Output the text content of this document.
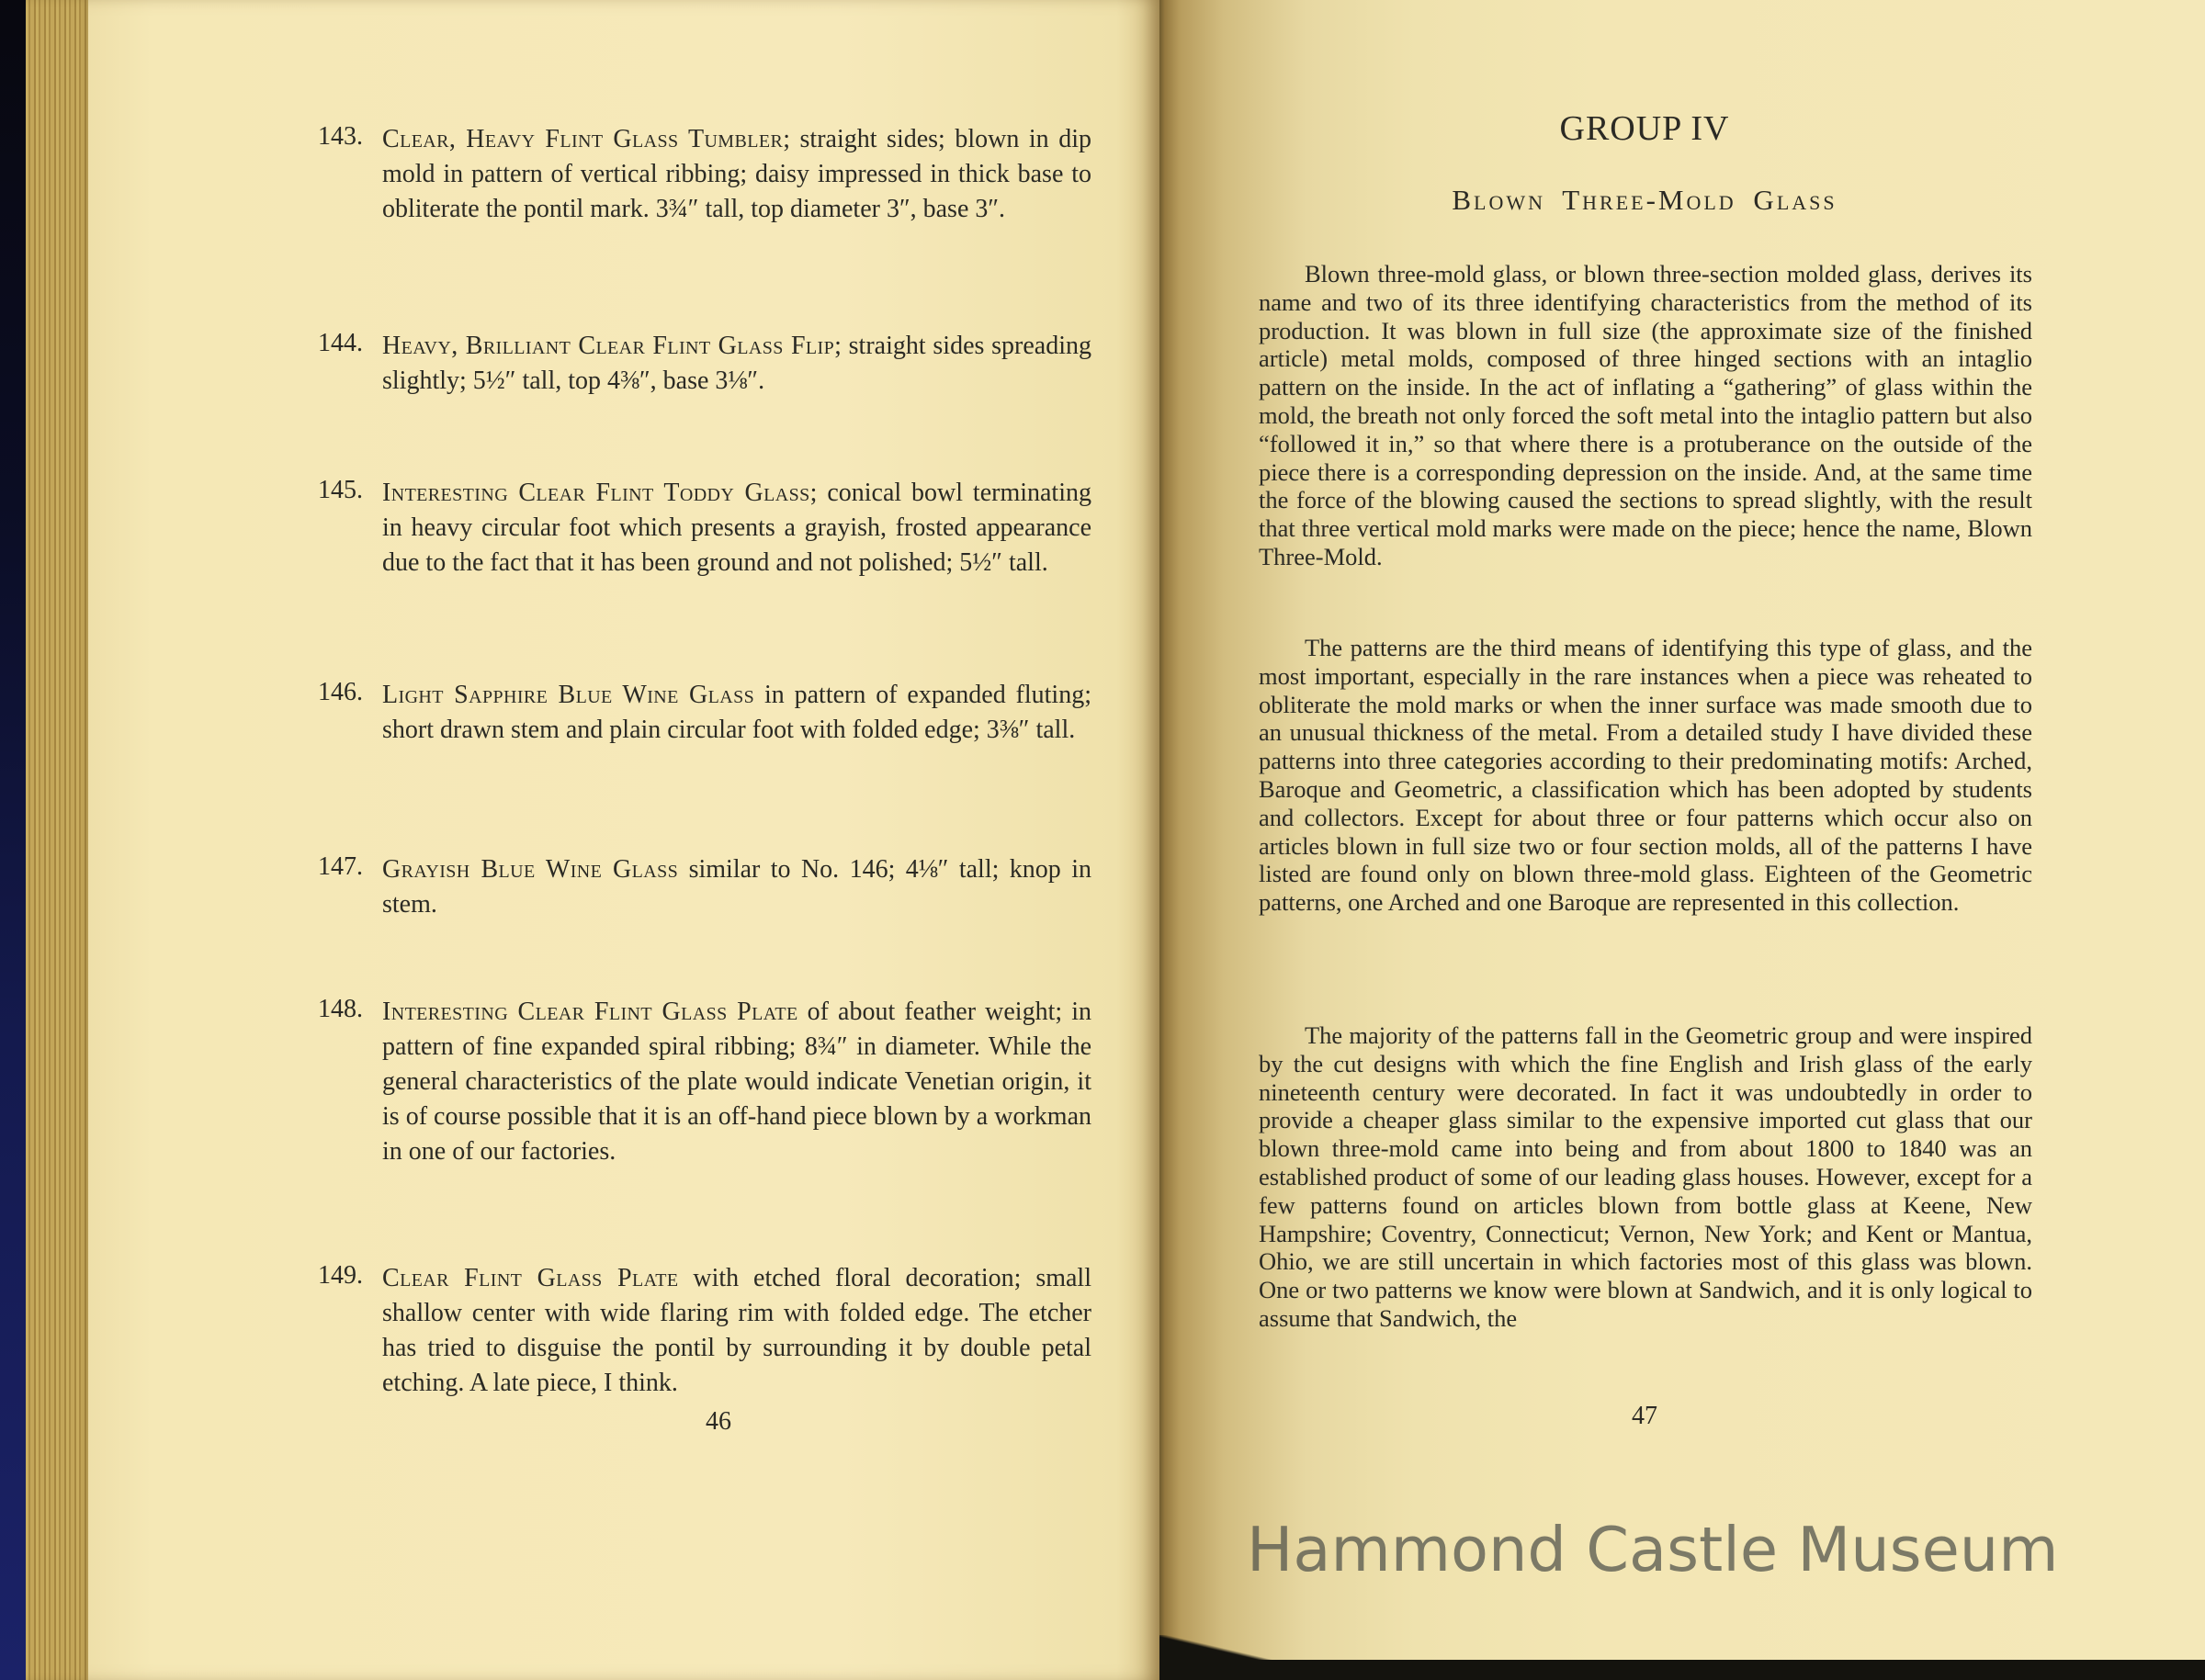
143. Clear, Heavy Flint Glass Tumbler; straight sides; blown in dip mold in pattern of vertical ribbing; daisy impressed in thick base to obliterate the pontil mark. 3¾″ tall, top diameter 3″, base 3″.

144. Heavy, Brilliant Clear Flint Glass Flip; straight sides spreading slightly; 5½″ tall, top 4⅜″, base 3⅛″.

145. Interesting Clear Flint Toddy Glass; conical bowl terminating in heavy circular foot which presents a grayish, frosted appearance due to the fact that it has been ground and not polished; 5½″ tall.

146. Light Sapphire Blue Wine Glass in pattern of expanded fluting; short drawn stem and plain circular foot with folded edge; 3⅜″ tall.

147. Grayish Blue Wine Glass similar to No. 146; 4⅛″ tall; knop in stem.

148. Interesting Clear Flint Glass Plate of about feather weight; in pattern of fine expanded spiral ribbing; 8¾″ in diameter. While the general characteristics of the plate would indicate Venetian origin, it is of course possible that it is an off-hand piece blown by a workman in one of our factories.

149. Clear Flint Glass Plate with etched floral decoration; small shallow center with wide flaring rim with folded edge. The etcher has tried to disguise the pontil by surrounding it by double petal etching. A late piece, I think.

46
GROUP IV
Blown Three-Mold Glass

Blown three-mold glass, or blown three-section molded glass, derives its name and two of its three identifying characteristics from the method of its production. It was blown in full size (the approximate size of the finished article) metal molds, composed of three hinged sections with an intaglio pattern on the inside. In the act of inflating a “gathering” of glass within the mold, the breath not only forced the soft metal into the intaglio pattern but also “followed it in,” so that where there is a protuberance on the outside of the piece there is a corresponding depression on the inside. And, at the same time the force of the blowing caused the sections to spread slightly, with the result that three vertical mold marks were made on the piece; hence the name, Blown Three-Mold.

The patterns are the third means of identifying this type of glass, and the most important, especially in the rare instances when a piece was reheated to obliterate the mold marks or when the inner surface was made smooth due to an unusual thickness of the metal. From a detailed study I have divided these patterns into three categories according to their predominating motifs: Arched, Baroque and Geometric, a classification which has been adopted by students and collectors. Except for about three or four patterns which occur also on articles blown in full size two or four section molds, all of the patterns I have listed are found only on blown three-mold glass. Eighteen of the Geometric patterns, one Arched and one Baroque are represented in this collection.

The majority of the patterns fall in the Geometric group and were inspired by the cut designs with which the fine English and Irish glass of the early nineteenth century were decorated. In fact it was undoubtedly in order to provide a cheaper glass similar to the expensive imported cut glass that our blown three-mold came into being and from about 1800 to 1840 was an established product of some of our leading glass houses. However, except for a few patterns found on articles blown from bottle glass at Keene, New Hampshire; Coventry, Connecticut; Vernon, New York; and Kent or Mantua, Ohio, we are still uncertain in which factories most of this glass was blown. One or two patterns we know were blown at Sandwich, and it is only logical to assume that Sandwich, the

47
Hammond Castle Museum
